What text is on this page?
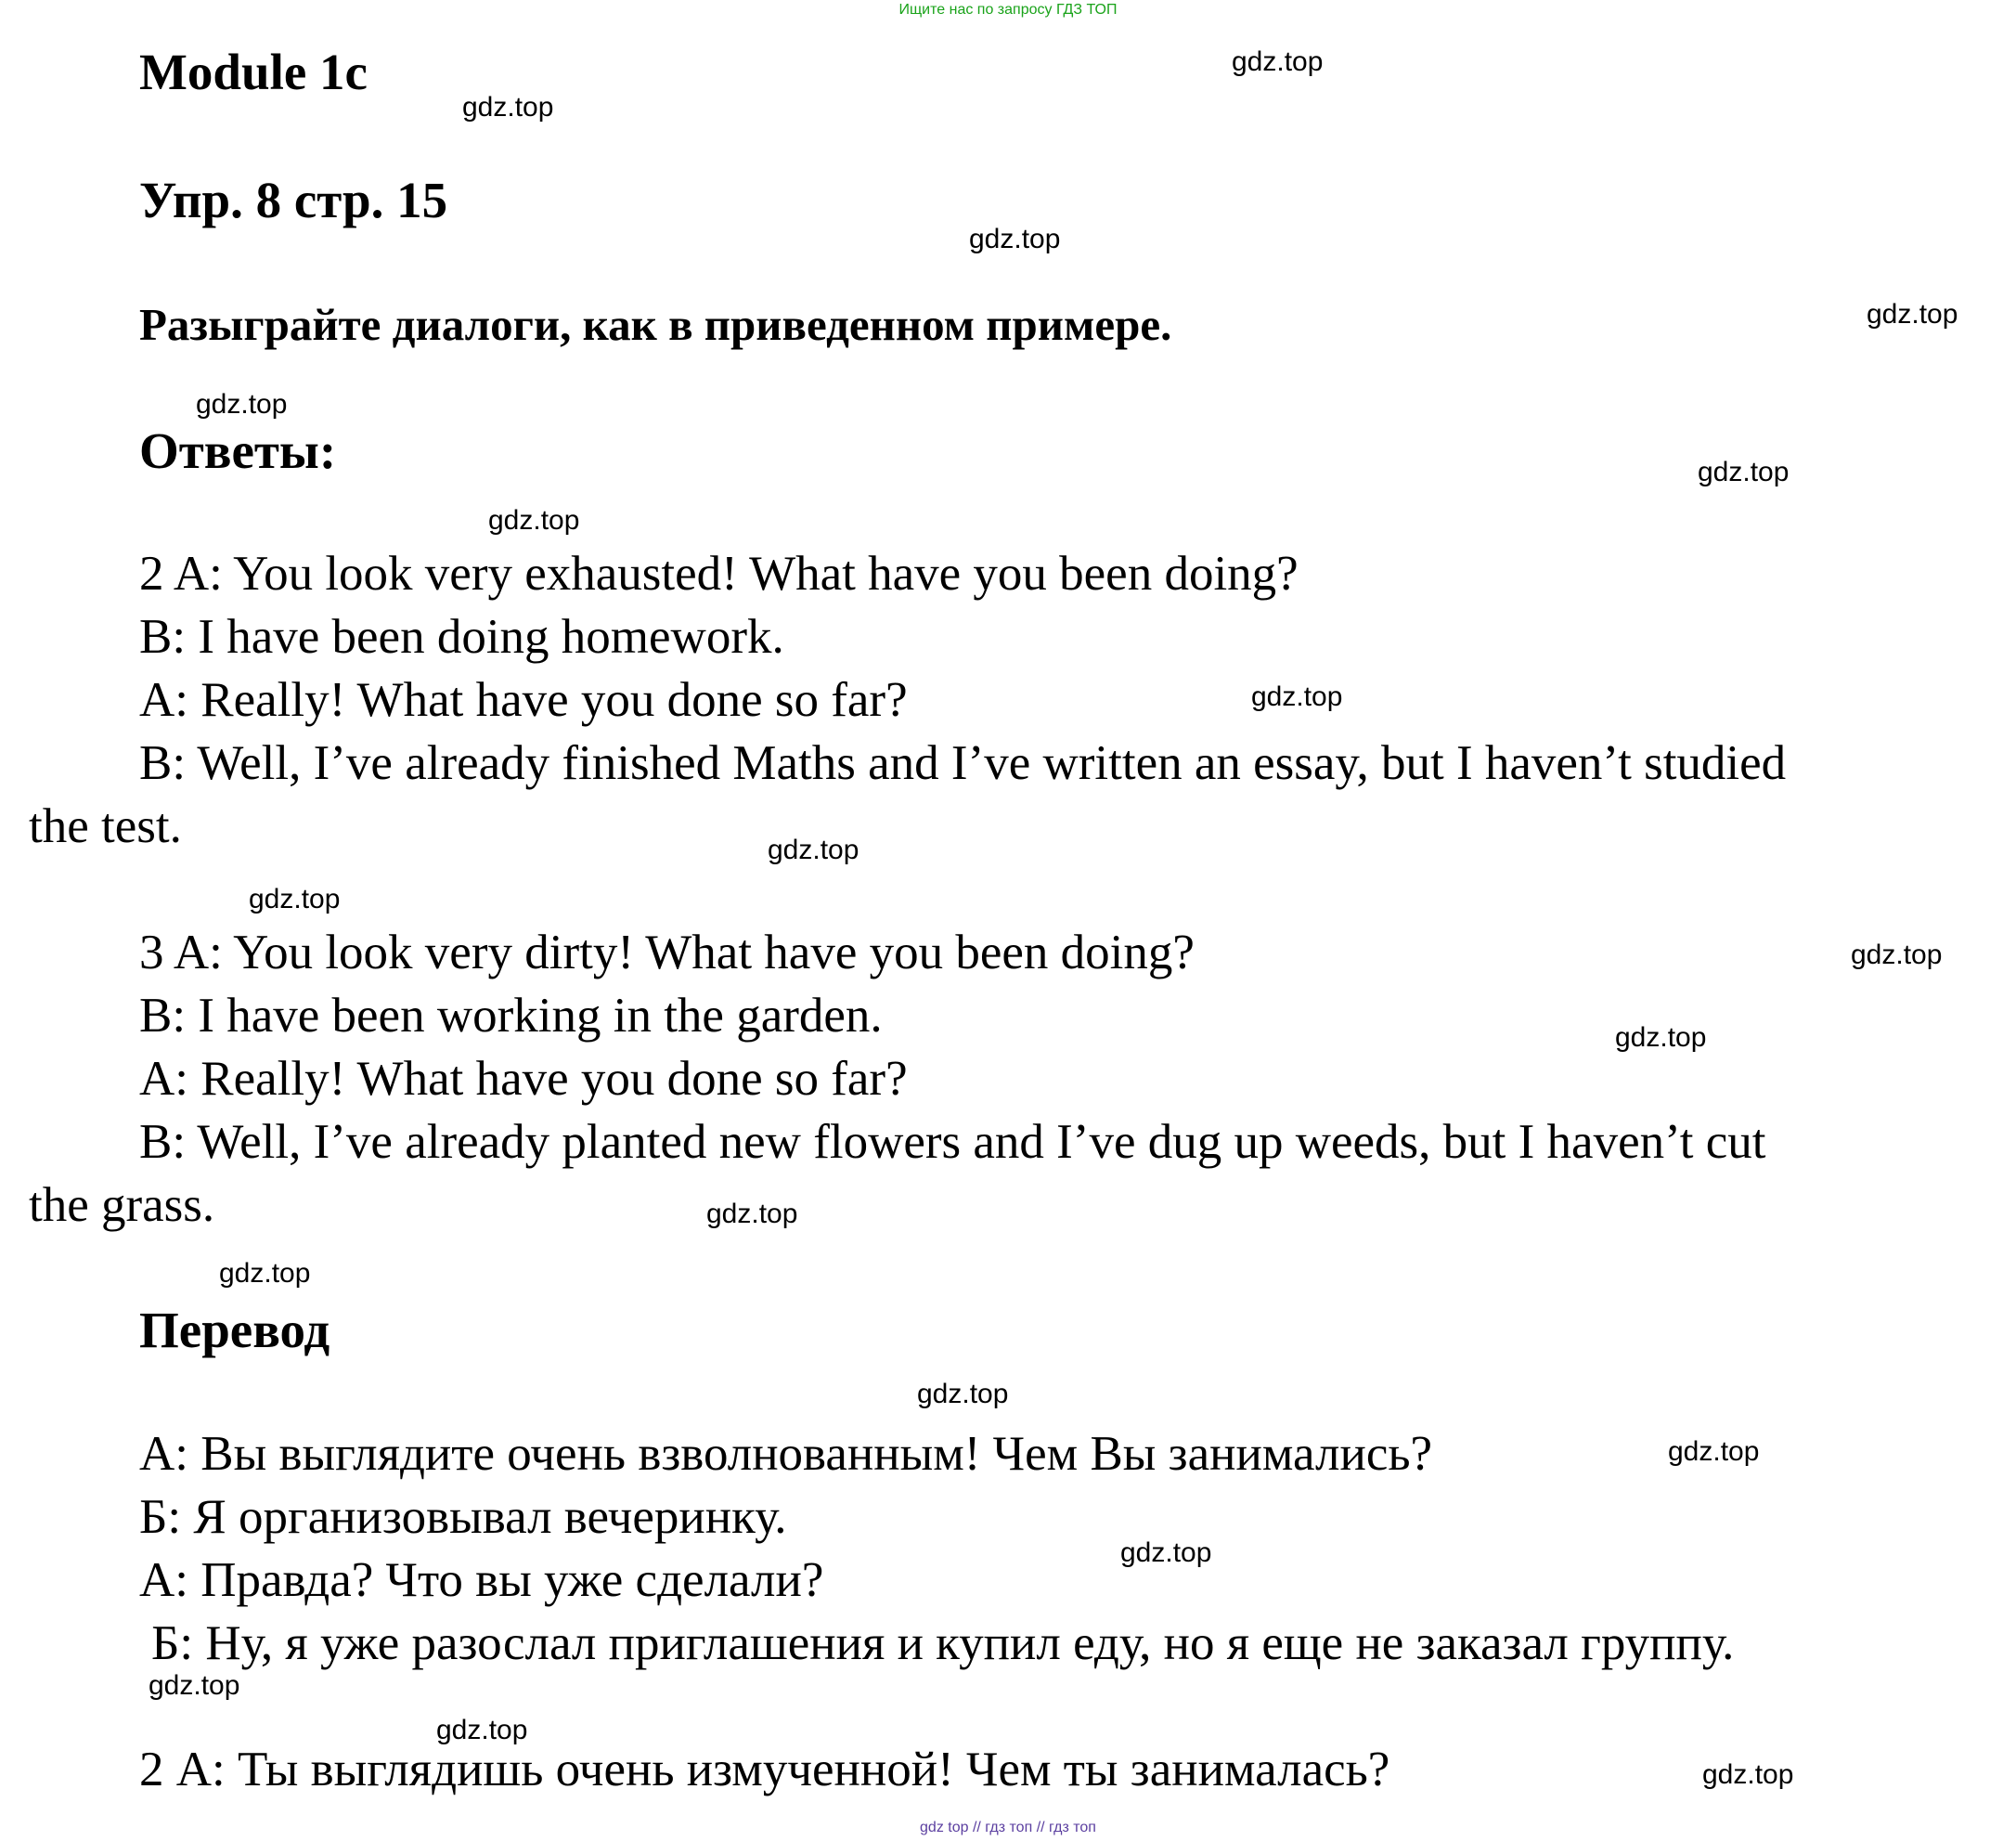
Ищите нас по запросу ГДЗ ТОП
Module 1c
Упр. 8 стр. 15
Разыграйте диалоги, как в приведенном примере.
Ответы:
2 A: You look very exhausted! What have you been doing?
B: I have been doing homework.
A: Really! What have you done so far?
B: Well, I’ve already finished Maths and I’ve written an essay, but I haven’t studied
the test.
3 A: You look very dirty! What have you been doing?
B: I have been working in the garden.
A: Really! What have you done so far?
B: Well, I’ve already planted new flowers and I’ve dug up weeds, but I haven’t cut
the grass.
Перевод
А: Вы выглядите очень взволнованным! Чем Вы занимались?
Б: Я организовывал вечеринку.
А: Правда? Что вы уже сделали?
Б: Ну, я уже разослал приглашения и купил еду, но я еще не заказал группу.
2 А: Ты выглядишь очень измученной! Чем ты занималась?
gdz.top
gdz.top
gdz.top
gdz.top
gdz.top
gdz.top
gdz.top
gdz.top
gdz.top
gdz.top
gdz.top
gdz.top
gdz.top
gdz.top
gdz.top
gdz.top
gdz.top
gdz.top
gdz.top
gdz.top
gdz top // гдз топ // гдз топ
